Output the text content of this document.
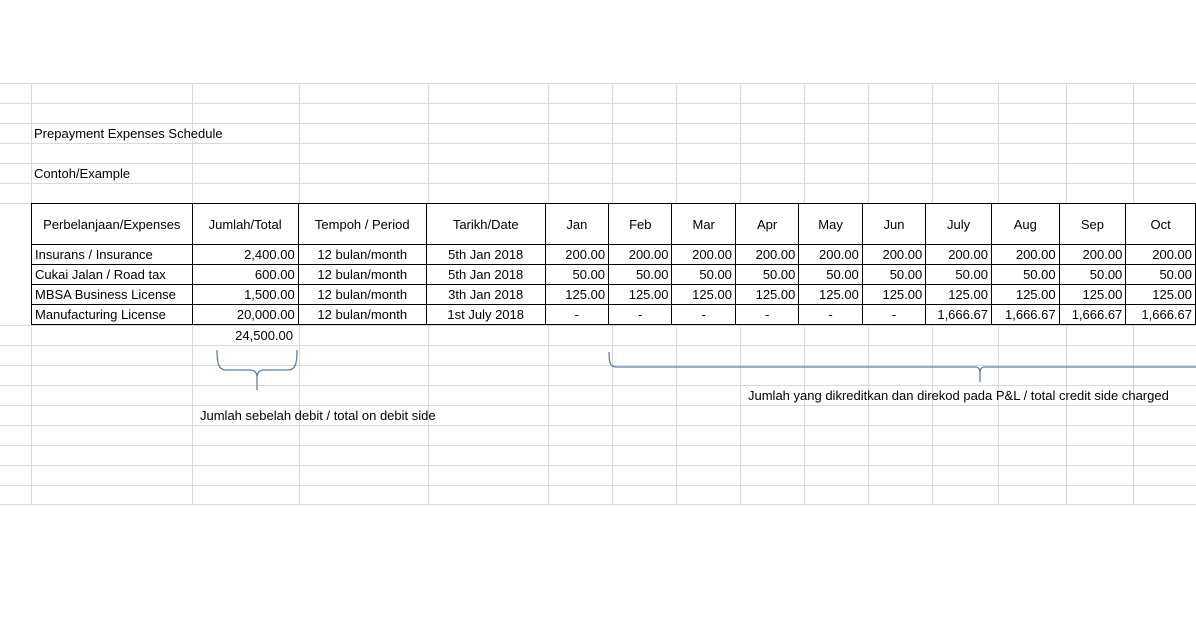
Prepayment Expenses Schedule
Contoh/Example
Perbelanjaan/Expenses	Jumlah/Total	Tempoh / Period	Tarikh/Date	Jan	Feb	Mar	Apr	May	Jun	July	Aug	Sep	Oct
Insurans / Insurance	2,400.00	12 bulan/month	5th Jan 2018	200.00	200.00	200.00	200.00	200.00	200.00	200.00	200.00	200.00	200.00
Cukai Jalan / Road tax	600.00	12 bulan/month	5th Jan 2018	50.00	50.00	50.00	50.00	50.00	50.00	50.00	50.00	50.00	50.00
MBSA Business License	1,500.00	12 bulan/month	3th Jan 2018	125.00	125.00	125.00	125.00	125.00	125.00	125.00	125.00	125.00	125.00
Manufacturing License	20,000.00	12 bulan/month	1st July 2018	-	-	-	-	-	-	1,666.67	1,666.67	1,666.67	1,666.67
24,500.00
Jumlah sebelah debit / total on debit side
Jumlah yang dikreditkan dan direkod pada P&L / total credit side charged
